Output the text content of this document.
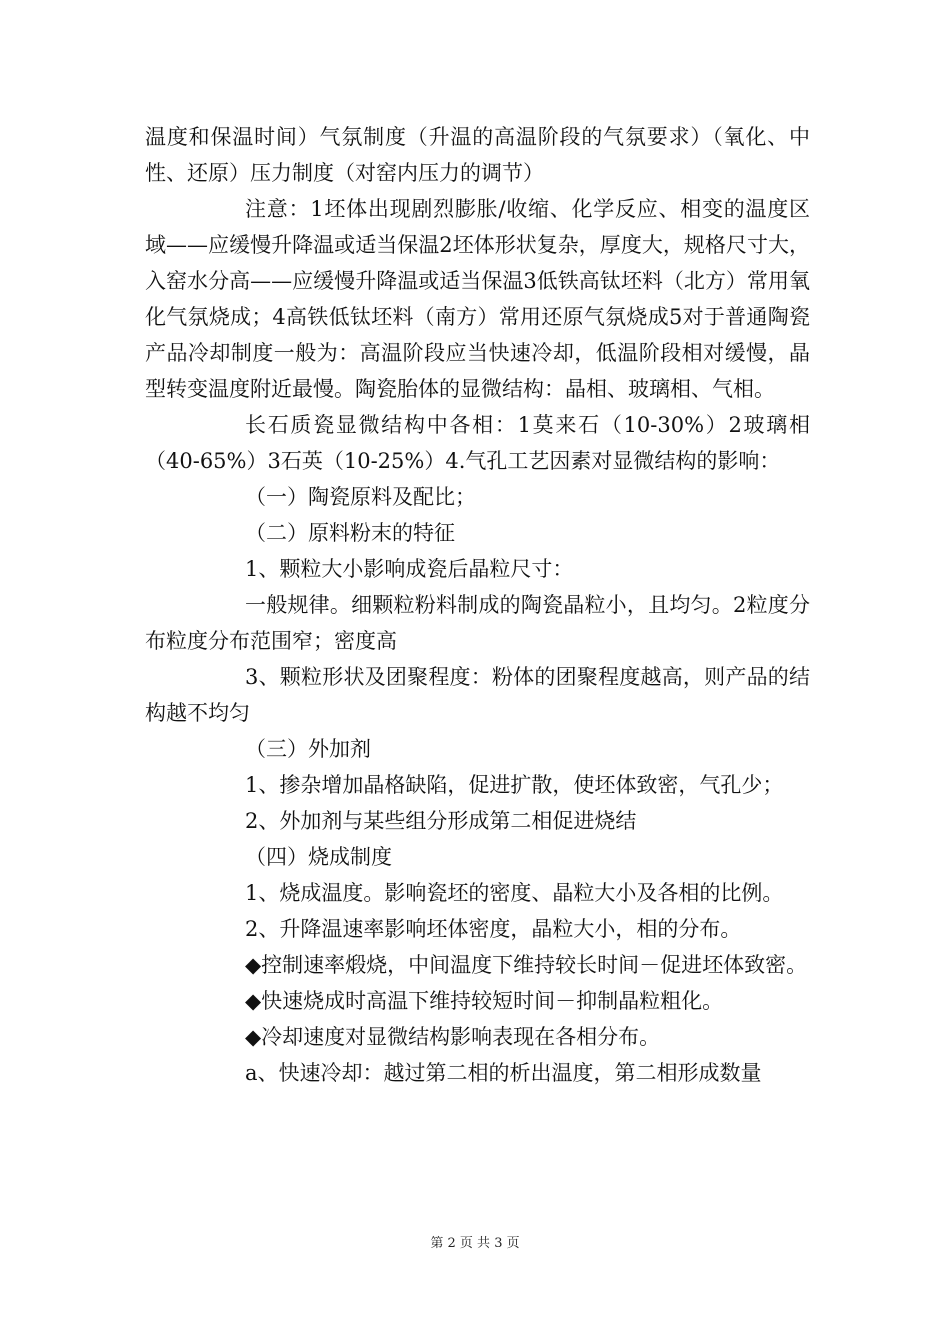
温度和保温时间）气氛制度（升温的高温阶段的气氛要求）（氧化、中性、还原）压力制度（对窑内压力的调节）

注意：1坯体出现剧烈膨胀/收缩、化学反应、相变的温度区域——应缓慢升降温或适当保温2坯体形状复杂，厚度大，规格尺寸大，入窑水分高——应缓慢升降温或适当保温3低铁高钛坯料（北方）常用氧化气氛烧成；4高铁低钛坯料（南方）常用还原气氛烧成5对于普通陶瓷产品冷却制度一般为：高温阶段应当快速冷却，低温阶段相对缓慢，晶型转变温度附近最慢。陶瓷胎体的显微结构：晶相、玻璃相、气相。

长石质瓷显微结构中各相：1莫来石（10-30%）2玻璃相（40-65%）3石英（10-25%）4.气孔工艺因素对显微结构的影响：

（一）陶瓷原料及配比；

（二）原料粉末的特征

1、颗粒大小影响成瓷后晶粒尺寸：

一般规律。细颗粒粉料制成的陶瓷晶粒小，且均匀。2粒度分布粒度分布范围窄；密度高

3、颗粒形状及团聚程度：粉体的团聚程度越高，则产品的结构越不均匀

（三）外加剂

1、掺杂增加晶格缺陷，促进扩散，使坯体致密，气孔少；

2、外加剂与某些组分形成第二相促进烧结

（四）烧成制度

1、烧成温度。影响瓷坯的密度、晶粒大小及各相的比例。

2、升降温速率影响坯体密度，晶粒大小，相的分布。

◆控制速率煅烧，中间温度下维持较长时间－促进坯体致密。

◆快速烧成时高温下维持较短时间－抑制晶粒粗化。

◆冷却速度对显微结构影响表现在各相分布。

a、快速冷却：越过第二相的析出温度，第二相形成数量

第 2 页 共 3 页
